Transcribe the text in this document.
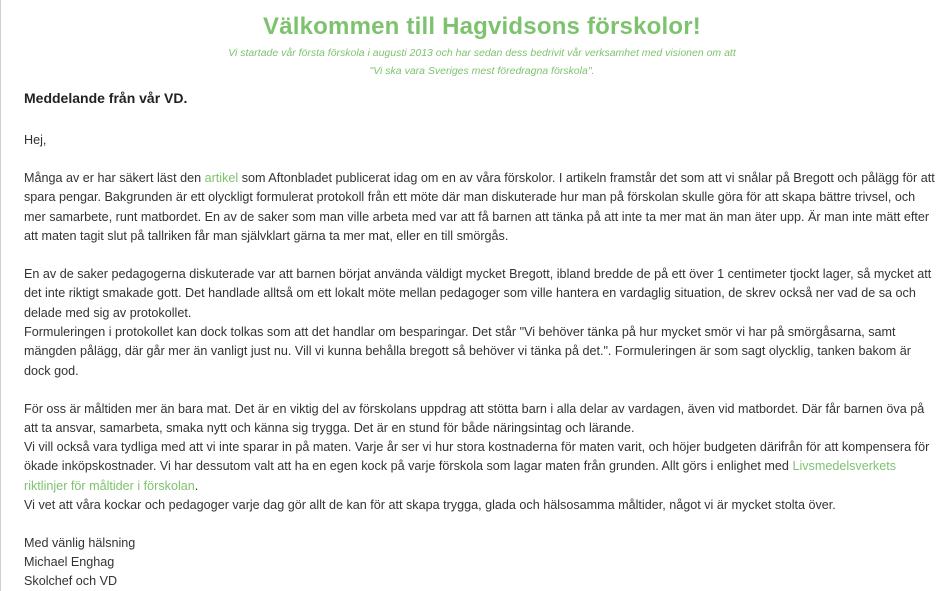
Välkommen till Hagvidsons förskolor!
Vi startade vår första förskola i augusti 2013 och har sedan dess bedrivit vår verksamhet med visionen om att
"Vi ska vara Sveriges mest föredragna förskola".
Meddelande från vår VD.
Hej,
Många av er har säkert läst den artikel som Aftonbladet publicerat idag om en av våra förskolor. I artikeln framstår det som att vi snålar på Bregott och pålägg för att spara pengar. Bakgrunden är ett olyckligt formulerat protokoll från ett möte där man diskuterade hur man på förskolan skulle göra för att skapa bättre trivsel, och mer samarbete, runt matbordet. En av de saker som man ville arbeta med var att få barnen att tänka på att inte ta mer mat än man äter upp. Är man inte mätt efter att maten tagit slut på tallriken får man självklart gärna ta mer mat, eller en till smörgås.
En av de saker pedagogerna diskuterade var att barnen börjat använda väldigt mycket Bregott, ibland bredde de på ett över 1 centimeter tjockt lager, så mycket att det inte riktigt smakade gott. Det handlade alltså om ett lokalt möte mellan pedagoger som ville hantera en vardaglig situation, de skrev också ner vad de sa och delade med sig av protokollet.
Formuleringen i protokollet kan dock tolkas som att det handlar om besparingar. Det står "Vi behöver tänka på hur mycket smör vi har på smörgåsarna, samt mängden pålägg, där går mer än vanligt just nu. Vill vi kunna behålla bregott så behöver vi tänka på det.". Formuleringen är som sagt olycklig, tanken bakom är dock god.
För oss är måltiden mer än bara mat. Det är en viktig del av förskolans uppdrag att stötta barn i alla delar av vardagen, även vid matbordet. Där får barnen öva på att ta ansvar, samarbeta, smaka nytt och känna sig trygga. Det är en stund för både näringsintag och lärande.
Vi vill också vara tydliga med att vi inte sparar in på maten. Varje år ser vi hur stora kostnaderna för maten varit, och höjer budgeten därifrån för att kompensera för ökade inköpskostnader. Vi har dessutom valt att ha en egen kock på varje förskola som lagar maten från grunden. Allt görs i enlighet med Livsmedelsverkets riktlinjer för måltider i förskolan.
Vi vet att våra kockar och pedagoger varje dag gör allt de kan för att skapa trygga, glada och hälsosamma måltider, något vi är mycket stolta över.
Med vänlig hälsning
Michael Enghag
Skolchef och VD
